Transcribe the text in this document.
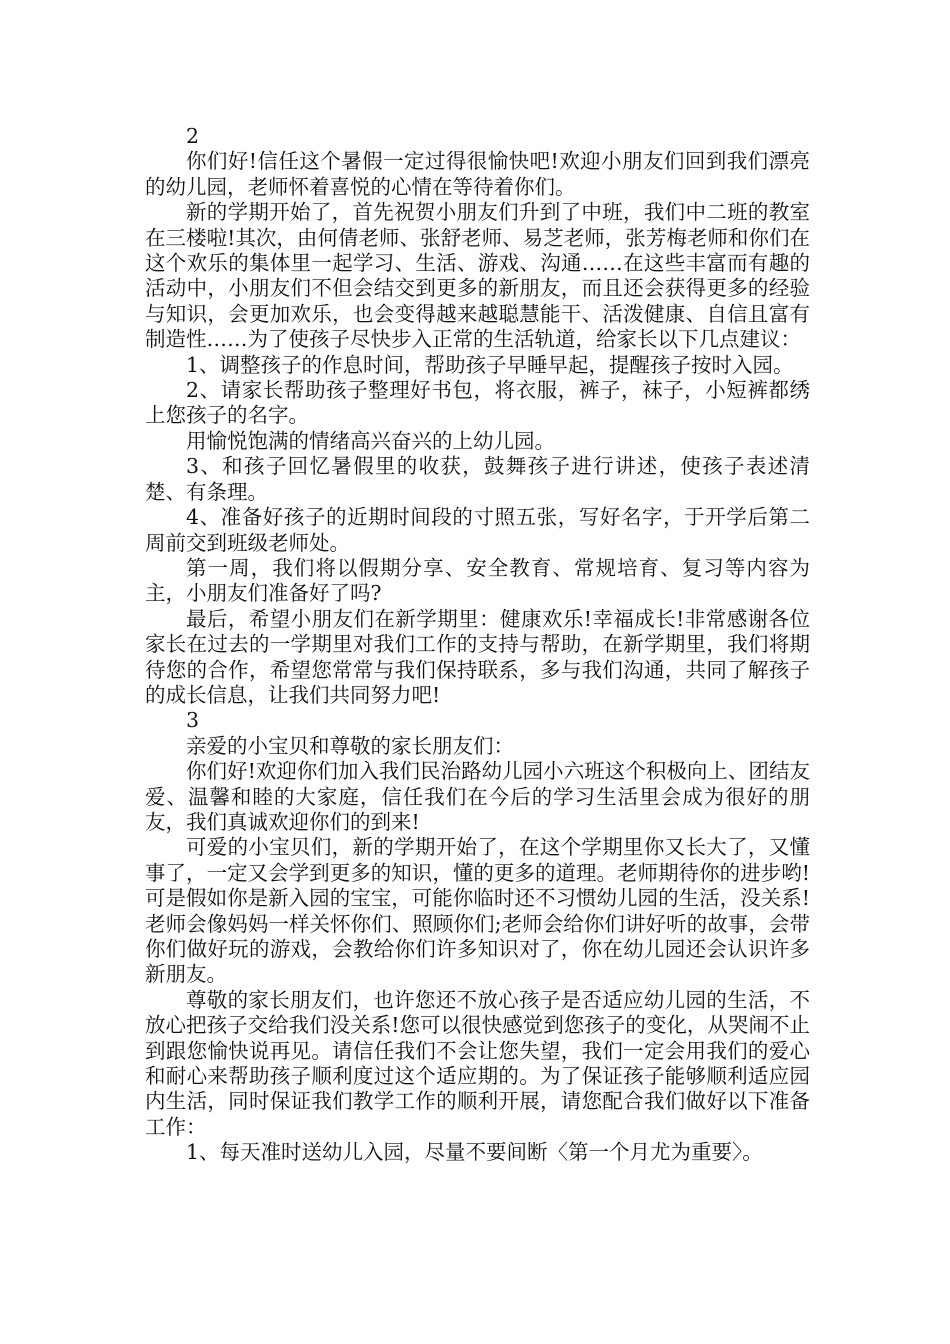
2

你们好!信任这个暑假一定过得很愉快吧!欢迎小朋友们回到我们漂亮的幼儿园，老师怀着喜悦的心情在等待着你们。

新的学期开始了，首先祝贺小朋友们升到了中班，我们中二班的教室在三楼啦!其次，由何倩老师、张舒老师、易芝老师，张芳梅老师和你们在这个欢乐的集体里一起学习、生活、游戏、沟通……在这些丰富而有趣的活动中，小朋友们不但会结交到更多的新朋友，而且还会获得更多的经验与知识，会更加欢乐，也会变得越来越聪慧能干、活泼健康、自信且富有制造性……为了使孩子尽快步入正常的生活轨道，给家长以下几点建议：

1、调整孩子的作息时间，帮助孩子早睡早起，提醒孩子按时入园。

2、请家长帮助孩子整理好书包，将衣服，裤子，袜子，小短裤都绣上您孩子的名字。

用愉悦饱满的情绪高兴奋兴的上幼儿园。

3、和孩子回忆暑假里的收获，鼓舞孩子进行讲述，使孩子表述清楚、有条理。

4、准备好孩子的近期时间段的寸照五张，写好名字，于开学后第二周前交到班级老师处。

第一周，我们将以假期分享、安全教育、常规培育、复习等内容为主，小朋友们准备好了吗?

最后，希望小朋友们在新学期里：健康欢乐!幸福成长!非常感谢各位家长在过去的一学期里对我们工作的支持与帮助，在新学期里，我们将期待您的合作，希望您常常与我们保持联系，多与我们沟通，共同了解孩子的成长信息，让我们共同努力吧!

3

亲爱的小宝贝和尊敬的家长朋友们：

你们好!欢迎你们加入我们民治路幼儿园小六班这个积极向上、团结友爱、温馨和睦的大家庭，信任我们在今后的学习生活里会成为很好的朋友，我们真诚欢迎你们的到来!

可爱的小宝贝们，新的学期开始了，在这个学期里你又长大了，又懂事了，一定又会学到更多的知识，懂的更多的道理。老师期待你的进步哟!可是假如你是新入园的宝宝，可能你临时还不习惯幼儿园的生活，没关系!老师会像妈妈一样关怀你们、照顾你们;老师会给你们讲好听的故事，会带你们做好玩的游戏，会教给你们许多知识对了，你在幼儿园还会认识许多新朋友。

尊敬的家长朋友们，也许您还不放心孩子是否适应幼儿园的生活，不放心把孩子交给我们没关系!您可以很快感觉到您孩子的变化，从哭闹不止到跟您愉快说再见。请信任我们不会让您失望，我们一定会用我们的爱心和耐心来帮助孩子顺利度过这个适应期的。为了保证孩子能够顺利适应园内生活，同时保证我们教学工作的顺利开展，请您配合我们做好以下准备工作：

1、每天准时送幼儿入园，尽量不要间断〈第一个月尤为重要〉。
